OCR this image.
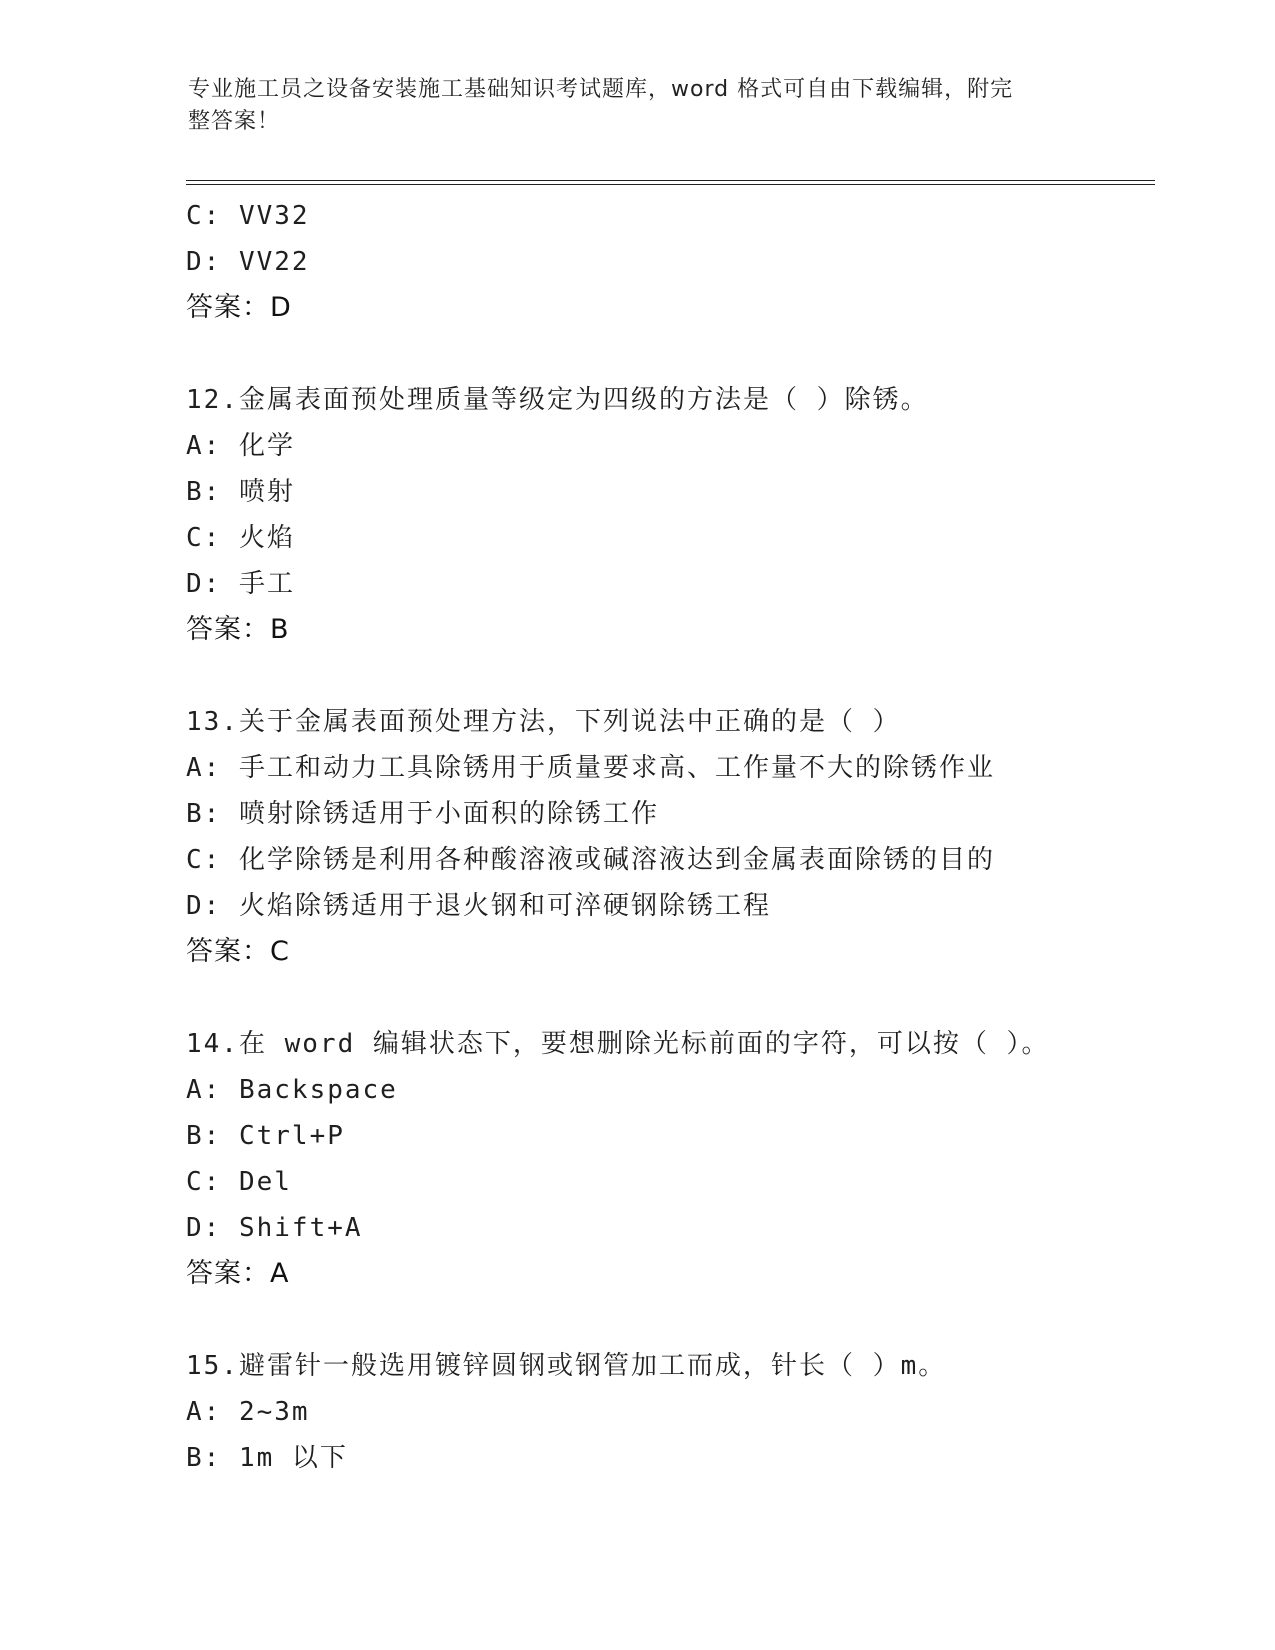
专业施工员之设备安装施工基础知识考试题库，word 格式可自由下载编辑，附完
整答案！
C: VV32
D: VV22
答案：D
12.金属表面预处理质量等级定为四级的方法是（ ）除锈。
A: 化学
B: 喷射
C: 火焰
D: 手工
答案：B
13.关于金属表面预处理方法，下列说法中正确的是（ ）
A: 手工和动力工具除锈用于质量要求高、工作量不大的除锈作业
B: 喷射除锈适用于小面积的除锈工作
C: 化学除锈是利用各种酸溶液或碱溶液达到金属表面除锈的目的
D: 火焰除锈适用于退火钢和可淬硬钢除锈工程
答案：C
14.在 word 编辑状态下，要想删除光标前面的字符，可以按（ ）。
A: Backspace
B: Ctrl+P
C: Del
D: Shift+A
答案：A
15.避雷针一般选用镀锌圆钢或钢管加工而成，针长（ ）m。
A: 2~3m
B: 1m 以下
